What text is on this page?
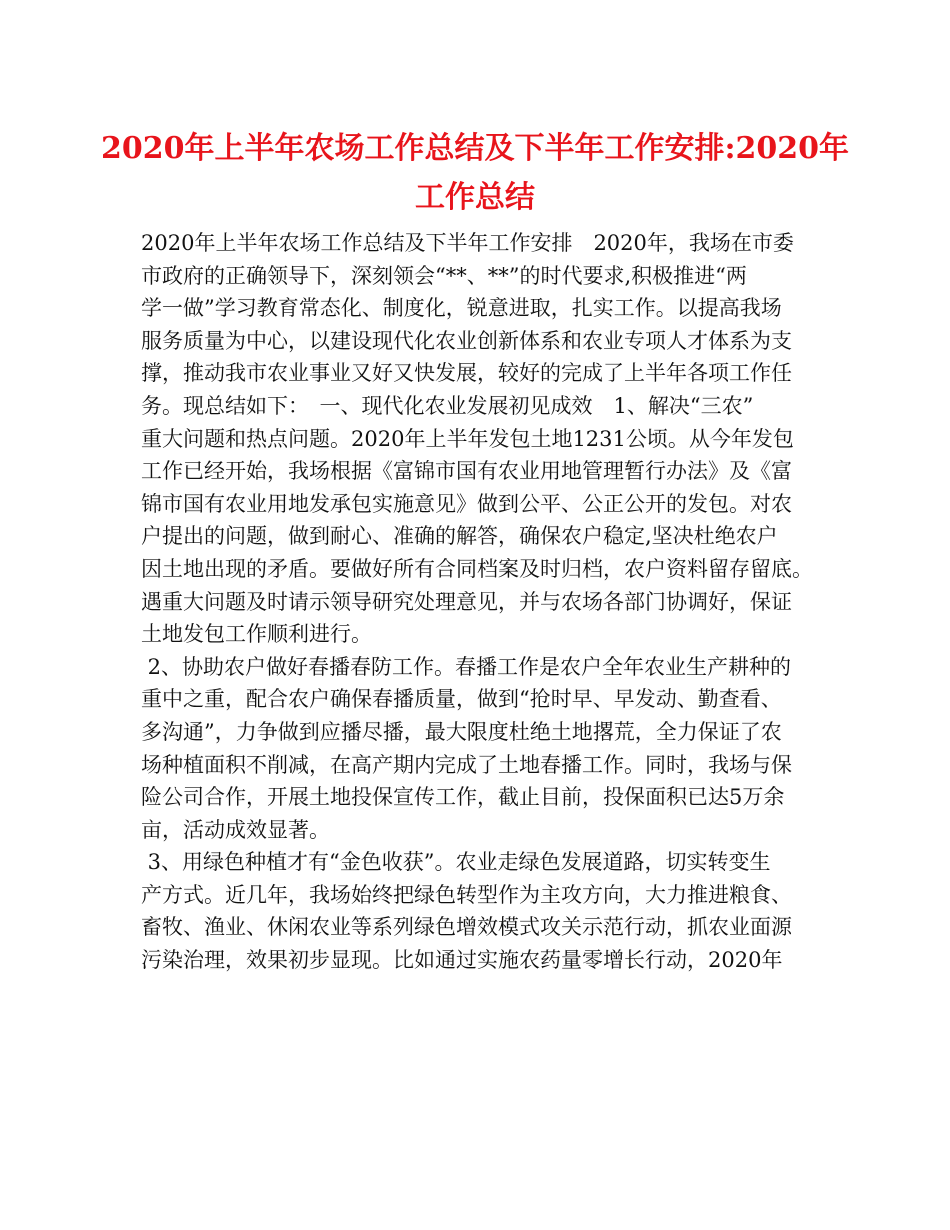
2020年上半年农场工作总结及下半年工作安排:2020年
工作总结
2020年上半年农场工作总结及下半年工作安排　2020年，我场在市委
市政府的正确领导下，深刻领会“**、**”的时代要求,积极推进“两
学一做”学习教育常态化、制度化，锐意进取，扎实工作。以提高我场
服务质量为中心，以建设现代化农业创新体系和农业专项人才体系为支
撑，推动我市农业事业又好又快发展，较好的完成了上半年各项工作任
务。现总结如下：　一、现代化农业发展初见成效　1、解决“三农”
重大问题和热点问题。2020年上半年发包土地1231公顷。从今年发包
工作已经开始，我场根据《富锦市国有农业用地管理暂行办法》及《富
锦市国有农业用地发承包实施意见》做到公平、公正公开的发包。对农
户提出的问题，做到耐心、准确的解答，确保农户稳定,坚决杜绝农户
因土地出现的矛盾。要做好所有合同档案及时归档，农户资料留存留底。
遇重大问题及时请示领导研究处理意见，并与农场各部门协调好，保证
土地发包工作顺利进行。
2、协助农户做好春播春防工作。春播工作是农户全年农业生产耕种的
重中之重，配合农户确保春播质量，做到“抢时早、早发动、勤查看、
多沟通”，力争做到应播尽播，最大限度杜绝土地撂荒，全力保证了农
场种植面积不削减，在高产期内完成了土地春播工作。同时，我场与保
险公司合作，开展土地投保宣传工作，截止目前，投保面积已达5万余
亩，活动成效显著。
3、用绿色种植才有“金色收获”。农业走绿色发展道路，切实转变生
产方式。近几年，我场始终把绿色转型作为主攻方向，大力推进粮食、
畜牧、渔业、休闲农业等系列绿色增效模式攻关示范行动，抓农业面源
污染治理，效果初步显现。比如通过实施农药量零增长行动，2020年
